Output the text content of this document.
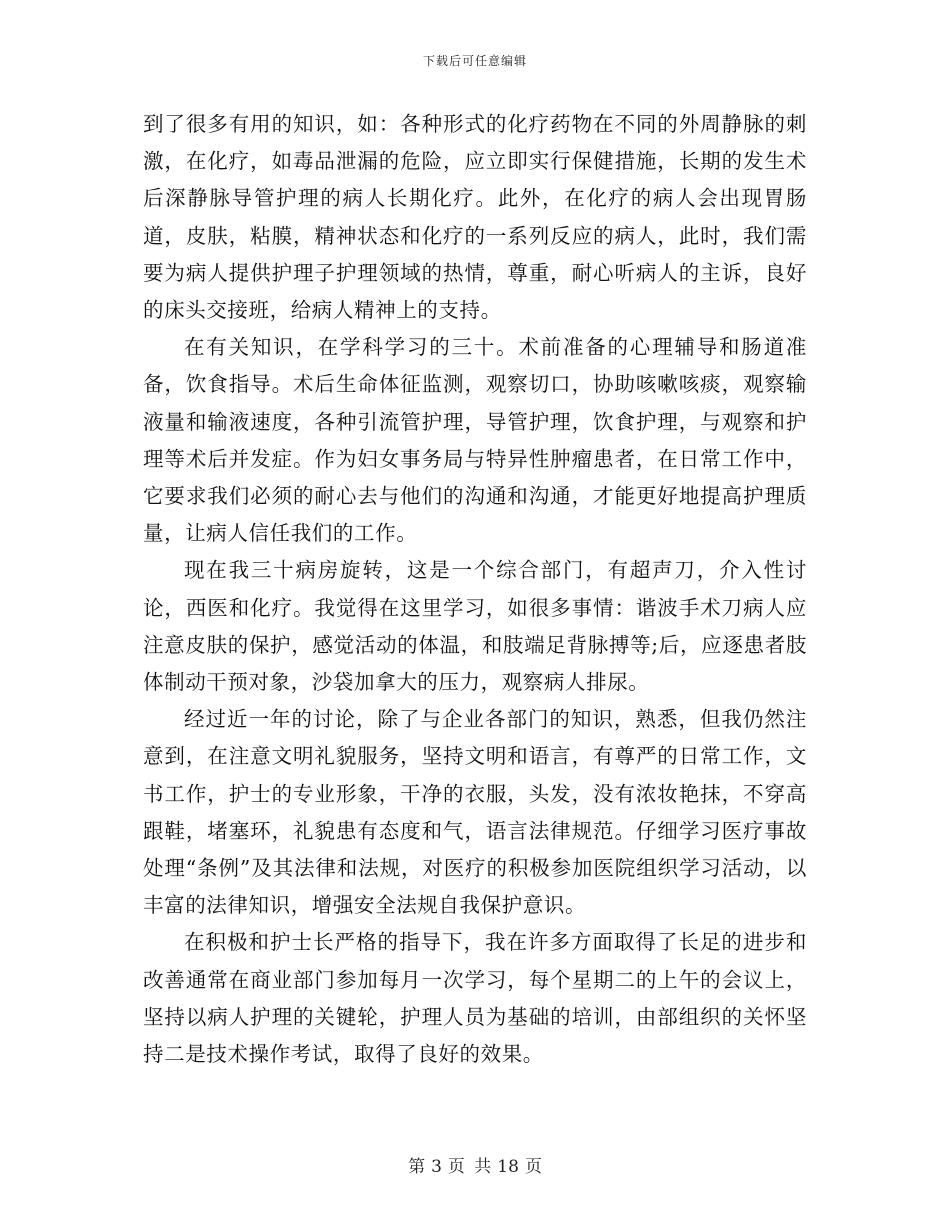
下载后可任意编辑

到了很多有用的知识，如：各种形式的化疗药物在不同的外周静脉的刺激，在化疗，如毒品泄漏的危险，应立即实行保健措施，长期的发生术后深静脉导管护理的病人长期化疗。此外，在化疗的病人会出现胃肠道，皮肤，粘膜，精神状态和化疗的一系列反应的病人，此时，我们需要为病人提供护理子护理领域的热情，尊重，耐心听病人的主诉，良好的床头交接班，给病人精神上的支持。

在有关知识，在学科学习的三十。术前准备的心理辅导和肠道准备，饮食指导。术后生命体征监测，观察切口，协助咳嗽咳痰，观察输液量和输液速度，各种引流管护理，导管护理，饮食护理，与观察和护理等术后并发症。作为妇女事务局与特异性肿瘤患者，在日常工作中，它要求我们必须的耐心去与他们的沟通和沟通，才能更好地提高护理质量，让病人信任我们的工作。

现在我三十病房旋转，这是一个综合部门，有超声刀，介入性讨论，西医和化疗。我觉得在这里学习，如很多事情：谐波手术刀病人应注意皮肤的保护，感觉活动的体温，和肢端足背脉搏等;后，应逐患者肢体制动干预对象，沙袋加拿大的压力，观察病人排尿。

经过近一年的讨论，除了与企业各部门的知识，熟悉，但我仍然注意到，在注意文明礼貌服务，坚持文明和语言，有尊严的日常工作，文书工作，护士的专业形象，干净的衣服，头发，没有浓妆艳抹，不穿高跟鞋，堵塞环，礼貌患有态度和气，语言法律规范。仔细学习医疗事故处理“条例”及其法律和法规，对医疗的积极参加医院组织学习活动，以丰富的法律知识，增强安全法规自我保护意识。

在积极和护士长严格的指导下，我在许多方面取得了长足的进步和改善通常在商业部门参加每月一次学习，每个星期二的上午的会议上，坚持以病人护理的关键轮，护理人员为基础的培训，由部组织的关怀坚持二是技术操作考试，取得了良好的效果。

第 3 页 共 18 页
